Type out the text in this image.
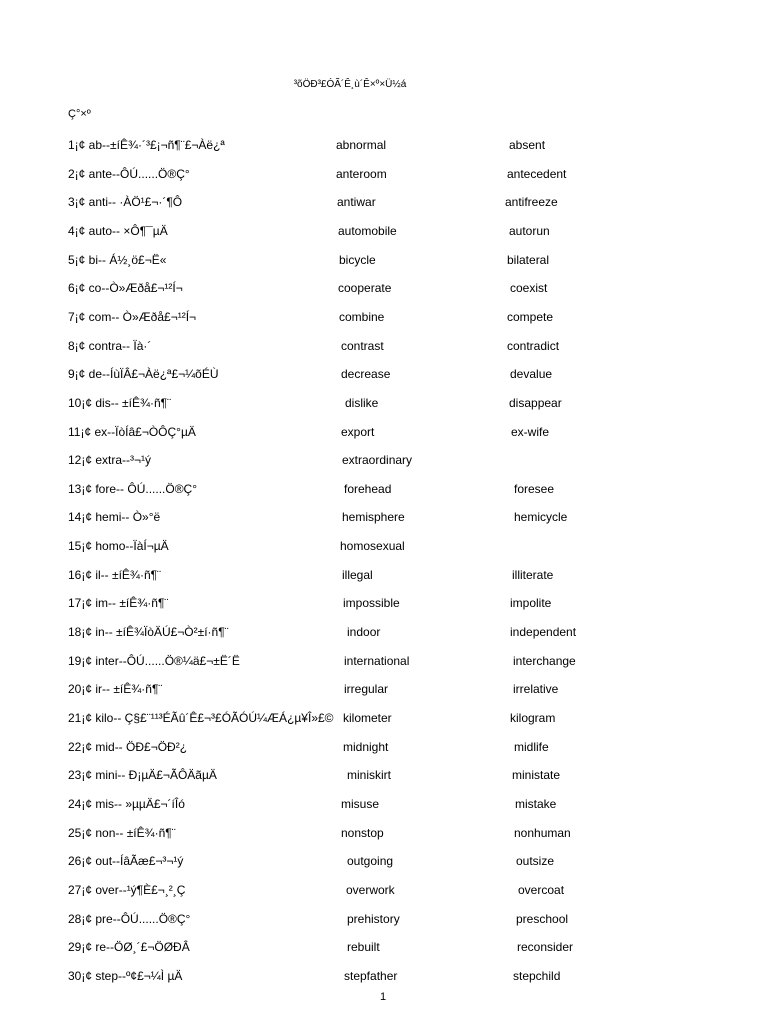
³õÖÐ³£ÓÃ´Ê¸ù´Ê×º×Ü½á
Ç°×º
1¡¢ ab--±íÊ¾·´³£¡¬ñ¶¨£¬Àë¿ª	abnormal	absent
2¡¢ ante--ÔÚ......Ö®Ç°	anteroom	antecedent
3¡¢ anti-- ·ÀÖ¹£¬·´¶Ô	antiwar	antifreeze
4¡¢ auto-- ×Ô¶¯µÄ	automobile	autorun
5¡¢ bi-- Á½¸ö£¬Ë«	bicycle	bilateral
6¡¢ co--Ò»Æðå£¬¹²Í¬	cooperate	coexist
7¡¢ com-- Ò»Æðå£¬¹²Í¬	combine	compete
8¡¢ contra-- Ïà·´	contrast	contradict
9¡¢ de--ÍùÏÂ£¬Àë¿ª£¬¼õÉÙ	decrease	devalue
10¡¢ dis-- ±íÊ¾·ñ¶¨	dislike	disappear
11¡¢ ex--ÏòÍâ£¬ÒÔÇ°µÄ	export	ex-wife
12¡¢ extra--³¬¹ý	extraordinary
13¡¢ fore-- ÔÚ......Ö®Ç°	forehead	foresee
14¡¢ hemi-- Ò»°ë	hemisphere	hemicycle
15¡¢ homo--ÏàÍ¬µÄ	homosexual
16¡¢ il-- ±íÊ¾·ñ¶¨	illegal	illiterate
17¡¢ im-- ±íÊ¾·ñ¶¨	impossible	impolite
18¡¢ in-- ±íÊ¾ÏòÄÚ£¬Ò²±í·ñ¶¨	indoor	independent
19¡¢ inter--ÔÚ......Ö®¼ä£¬±Ë´Ë	international	interchange
20¡¢ ir-- ±íÊ¾·ñ¶¨	irregular	irrelative
21¡¢ kilo-- Ç§£¨¹¹³ÉÃû´Ê£¬³£ÓÃÓÚ¼ÆÁ¿µ¥Î»£© kilometer	kilogram
22¡¢ mid-- ÖÐ£¬ÖÐ²¿	midnight	midlife
23¡¢ mini-- Ð¡µÄ£¬ÃÔÄãµÄ	miniskirt	ministate
24¡¢ mis-- »µµÄ£¬´íÎó	misuse	mistake
25¡¢ non-- ±íÊ¾·ñ¶¨	nonstop	nonhuman
26¡¢ out--ÍâÃæ£¬³¬¹ý	outgoing	outsize
27¡¢ over--¹ý¶È£¬¸²¸Ç	overwork	overcoat
28¡¢ pre--ÔÚ......Ö®Ç°	prehistory	preschool
29¡¢ re--ÖØ¸´£¬ÖØÐÂ	rebuilt	reconsider
30¡¢ step--º¢£¬¼Ì µÄ	stepfather	stepchild
1
